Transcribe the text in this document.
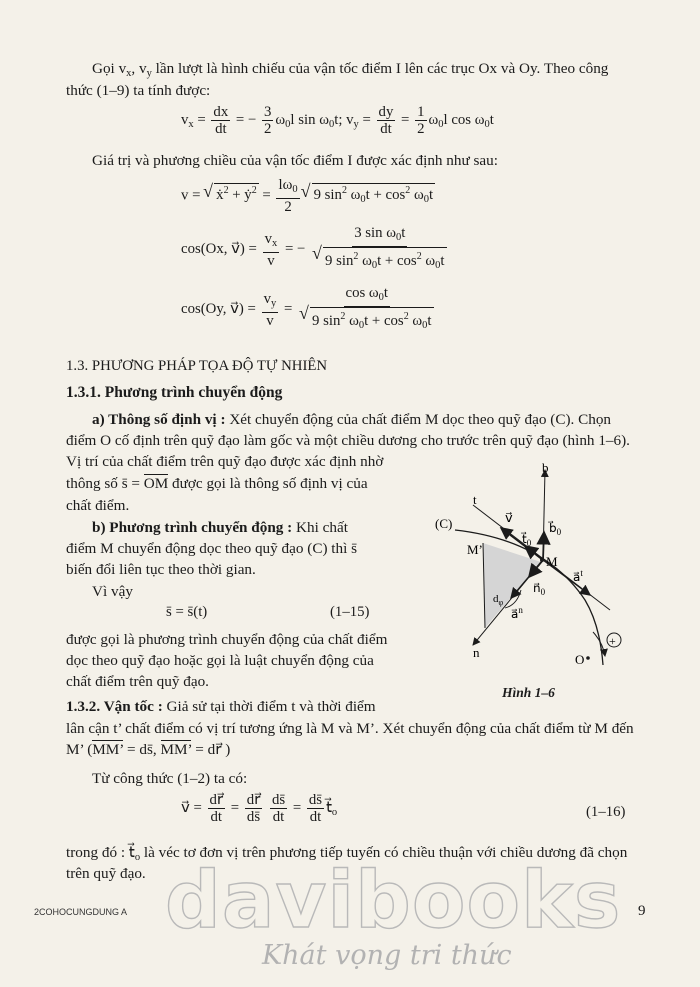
Gọi $v_x$, $v_y$ lần lượt là hình chiếu của vận tốc điểm I lên các trục Ox và Oy. Theo công
thức (1–9) ta tính được:
$v_x = \frac{dx}{dt}$ = − $\frac{3}{2} \omega_0l$ $\sin \omega_0t$; $v_y = \frac{dy}{dt} = \frac{1}{2} \omega_0l$ $\cos \omega_0t$
Giá trị và phương chiều của vận tốc điểm I được xác định như sau:
v = √ ẋ$^2$ + ẏ$^2$ = $\frac{l\omega_0}{2}$
√ 9 $\sin^2 \omega_0t + \cos^2 \omega_0t$
cos(Ox, v⃗) = $\frac{v_x}{v}$ = − 3 $\sin \omega_0t$
√ 9 $\sin^2 \omega_0t + \cos^2 \omega_0t$
cos(Oy, v⃗) = $\frac{v_y}{v} = \cos \omega_0t$
√ 9 $\sin^2 \omega_0t + \cos^2 \omega_0t$
1.3. PHƯƠNG PHÁP TỌA ĐỘ TỰ NHIÊN
1.3.1. Phương trình chuyển động
a) Thông số định vị : Xét chuyển động của chất điểm M dọc theo quỹ đạo (C). Chọn
điểm O cố định trên quỹ đạo làm gốc và một chiều dương cho trước trên quỹ đạo (hình 1–6).
Vị trí của chất điểm trên quỹ đạo được xác định nhờ
thông số s̄ = OM được gọi là thông số định vị của
chất điểm.
b) Phương trình chuyển động : Khi chất
điểm M chuyển động dọc theo quỹ đạo (C) thì s̄
biến đổi liên tục theo thời gian.
Vì vậy
s̄ = s̄(t)	(1–15)
được gọi là phương trình chuyển động của chất điểm
dọc theo quỹ đạo hoặc gọi là luật chuyển động của
chất điểm trên quỹ đạo.
(C)
M’
M
t
b
v⃗
$t⃗_0$
$b⃗_0$
$n⃗_0$
a⃗$^t$
a⃗$^n$
$d_\varphi$
n	O
+
Hình 1–6
1.3.2. Vận tốc : Giả sử tại thời điểm t và thời điểm
lân cận t’ chất điểm có vị trí tương ứng là M và M’. Xét chuyển động của chất điểm từ M đến
M’ (MM’ = ds̄, MM’ = dr⃗ )
Từ công thức (1–2) ta có:
v⃗ = $\frac{dr⃗}{dt} = \frac{dr⃗}{ds̄}$
$\frac{ds̄}{dt} = \frac{ds̄}{dt}$ $t⃗_o$	(1–16)
trong đó : $t⃗_o$ là véc tơ đơn vị trên phương tiếp tuyến có chiều thuận với chiều dương đã chọn
trên quỹ đạo. davibooks
Khát vọng tri thức
2COHOCUNGDUNG A	9
